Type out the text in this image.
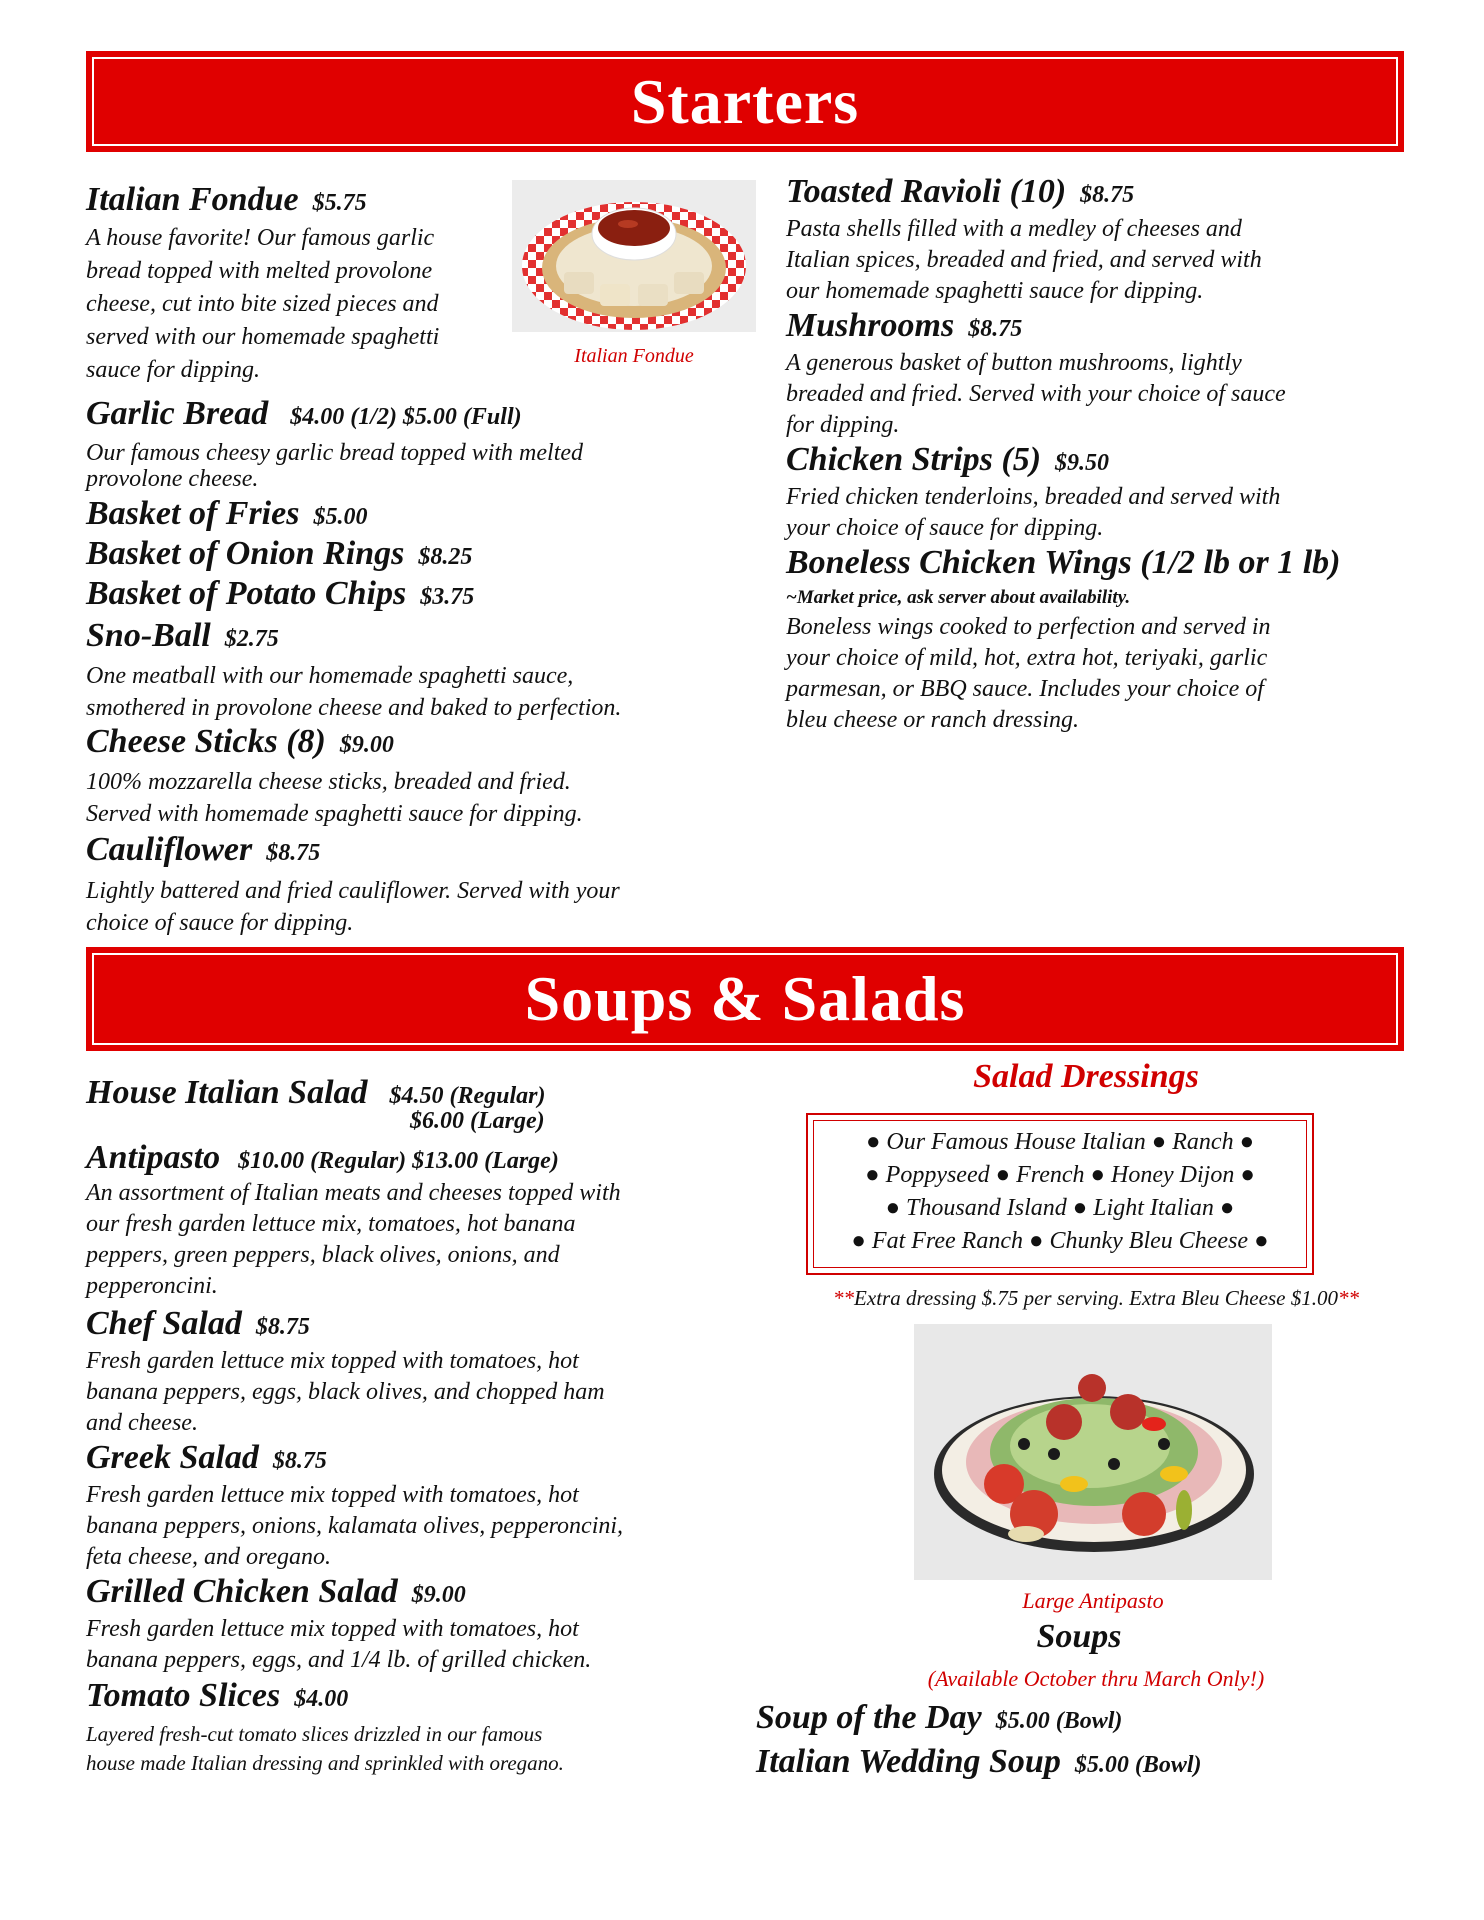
Starters
Italian Fondue $5.75
A house favorite! Our famous garlic
bread topped with melted provolone
cheese, cut into bite sized pieces and
served with our homemade spaghetti
sauce for dipping.
Italian Fondue
Garlic Bread $4.00 (1/2) $5.00 (Full)
Our famous cheesy garlic bread topped with melted
provolone cheese.
Basket of Fries $5.00
Basket of Onion Rings $8.25
Basket of Potato Chips $3.75
Sno-Ball $2.75
One meatball with our homemade spaghetti sauce,
smothered in provolone cheese and baked to perfection.
Cheese Sticks (8) $9.00
100% mozzarella cheese sticks, breaded and fried.
Served with homemade spaghetti sauce for dipping.
Cauliflower $8.75
Lightly battered and fried cauliflower. Served with your
choice of sauce for dipping.
Toasted Ravioli (10) $8.75
Pasta shells filled with a medley of cheeses and
Italian spices, breaded and fried, and served with
our homemade spaghetti sauce for dipping.
Mushrooms $8.75
A generous basket of button mushrooms, lightly
breaded and fried. Served with your choice of sauce
for dipping.
Chicken Strips (5) $9.50
Fried chicken tenderloins, breaded and served with
your choice of sauce for dipping.
Boneless Chicken Wings (1/2 lb or 1 lb)
~Market price, ask server about availability.
Boneless wings cooked to perfection and served in
your choice of mild, hot, extra hot, teriyaki, garlic
parmesan, or BBQ sauce. Includes your choice of
bleu cheese or ranch dressing.
Soups & Salads
House Italian Salad $4.50 (Regular)
$6.00 (Large)
Antipasto $10.00 (Regular) $13.00 (Large)
An assortment of Italian meats and cheeses topped with
our fresh garden lettuce mix, tomatoes, hot banana
peppers, green peppers, black olives, onions, and
pepperoncini.
Chef Salad $8.75
Fresh garden lettuce mix topped with tomatoes, hot
banana peppers, eggs, black olives, and chopped ham
and cheese.
Greek Salad $8.75
Fresh garden lettuce mix topped with tomatoes, hot
banana peppers, onions, kalamata olives, pepperoncini,
feta cheese, and oregano.
Grilled Chicken Salad $9.00
Fresh garden lettuce mix topped with tomatoes, hot
banana peppers, eggs, and 1/4 lb. of grilled chicken.
Tomato Slices $4.00
Layered fresh-cut tomato slices drizzled in our famous
house made Italian dressing and sprinkled with oregano.
Salad Dressings
● Our Famous House Italian ● Ranch ●
● Poppyseed ● French ● Honey Dijon ●
● Thousand Island ● Light Italian ●
● Fat Free Ranch ● Chunky Bleu Cheese ●
**Extra dressing $.75 per serving. Extra Bleu Cheese $1.00**
Large Antipasto
Soups
(Available October thru March Only!)
Soup of the Day $5.00 (Bowl)
Italian Wedding Soup $5.00 (Bowl)
